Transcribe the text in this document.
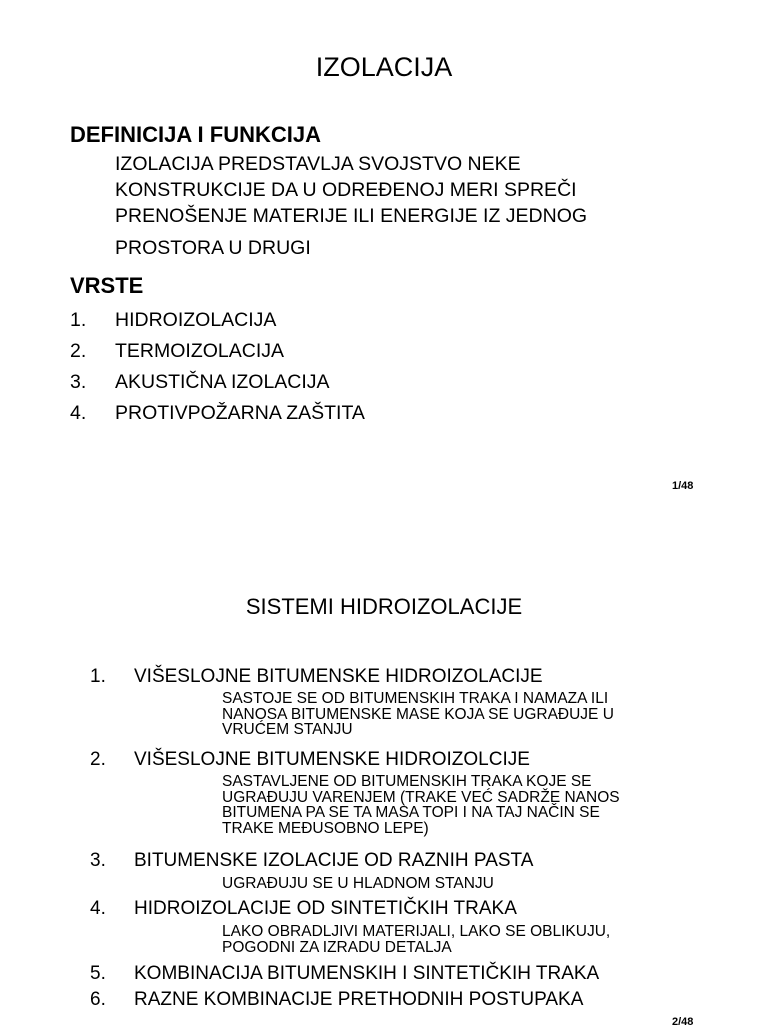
IZOLACIJA
DEFINICIJA I FUNKCIJA
IZOLACIJA PREDSTAVLJA SVOJSTVO NEKE
KONSTRUKCIJE DA U ODREĐENOJ MERI SPREČI
PRENOŠENJE MATERIJE ILI ENERGIJE IZ JEDNOG
PROSTORA U DRUGI
VRSTE
1. HIDROIZOLACIJA
2. TERMOIZOLACIJA
3. AKUSTIČNA IZOLACIJA
4. PROTIVPOŽARNA ZAŠTITA
1/48
SISTEMI HIDROIZOLACIJE
1. VIŠESLOJNE BITUMENSKE HIDROIZOLACIJE
SASTOJE SE OD BITUMENSKIH TRAKA I NAMAZA ILI
NANOSA BITUMENSKE MASE KOJA SE UGRAĐUJE U
VRUĆEM STANJU
2. VIŠESLOJNE BITUMENSKE HIDROIZOLCIJE
SASTAVLJENE OD BITUMENSKIH TRAKA KOJE SE
UGRAĐUJU VARENJEM (TRAKE VEĆ SADRŽE NANOS
BITUMENA PA SE TA MASA TOPI I NA TAJ NAČIN SE
TRAKE MEĐUSOBNO LEPE)
3. BITUMENSKE IZOLACIJE OD RAZNIH PASTA
UGRAĐUJU SE U HLADNOM STANJU
4. HIDROIZOLACIJE OD SINTETIČKIH TRAKA
LAKO OBRADLJIVI MATERIJALI, LAKO SE OBLIKUJU,
POGODNI ZA IZRADU DETALJA
5. KOMBINACIJA BITUMENSKIH I SINTETIČKIH TRAKA
6. RAZNE KOMBINACIJE PRETHODNIH POSTUPAKA
2/48
